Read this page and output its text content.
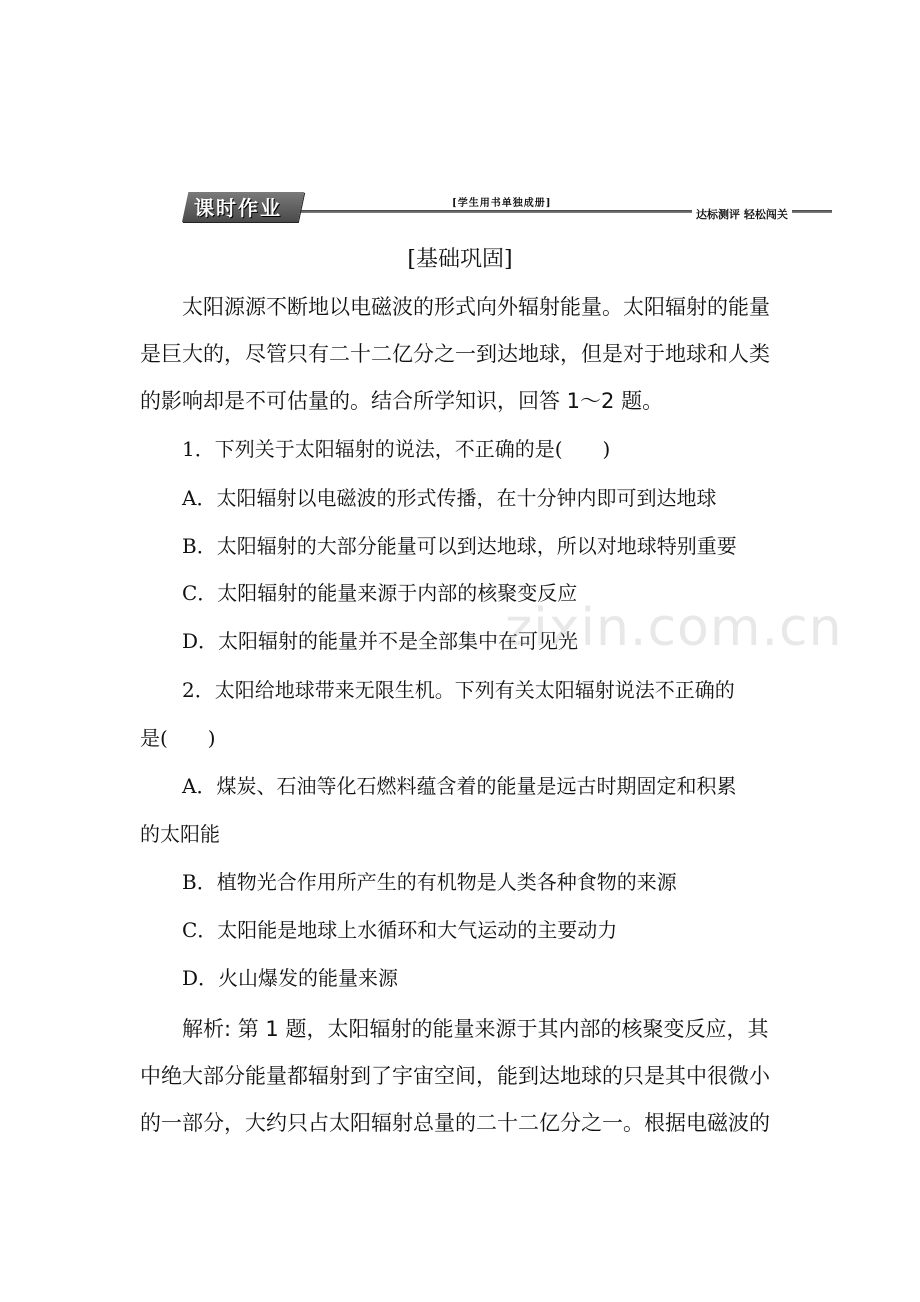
课时作业	[学生用书单独成册]
达标测评 轻松闯关
[基础巩固]

太阳源源不断地以电磁波的形式向外辐射能量。太阳辐射的能量是巨大的，尽管只有二十二亿分之一到达地球，但是对于地球和人类的影响却是不可估量的。结合所学知识，回答 1～2 题。

1．下列关于太阳辐射的说法，不正确的是(　　)
A．太阳辐射以电磁波的形式传播，在十分钟内即可到达地球
B．太阳辐射的大部分能量可以到达地球，所以对地球特别重要
C．太阳辐射的能量来源于内部的核聚变反应
D．太阳辐射的能量并不是全部集中在可见光
2．太阳给地球带来无限生机。下列有关太阳辐射说法不正确的
是(　　)
A．煤炭、石油等化石燃料蕴含着的能量是远古时期固定和积累
的太阳能
B．植物光合作用所产生的有机物是人类各种食物的来源
C．太阳能是地球上水循环和大气运动的主要动力
D．火山爆发的能量来源

解析: 第 1 题，太阳辐射的能量来源于其内部的核聚变反应，其中绝大部分能量都辐射到了宇宙空间，能到达地球的只是其中很微小的一部分，大约只占太阳辐射总量的二十二亿分之一。根据电磁波的

zixin.com.cn
